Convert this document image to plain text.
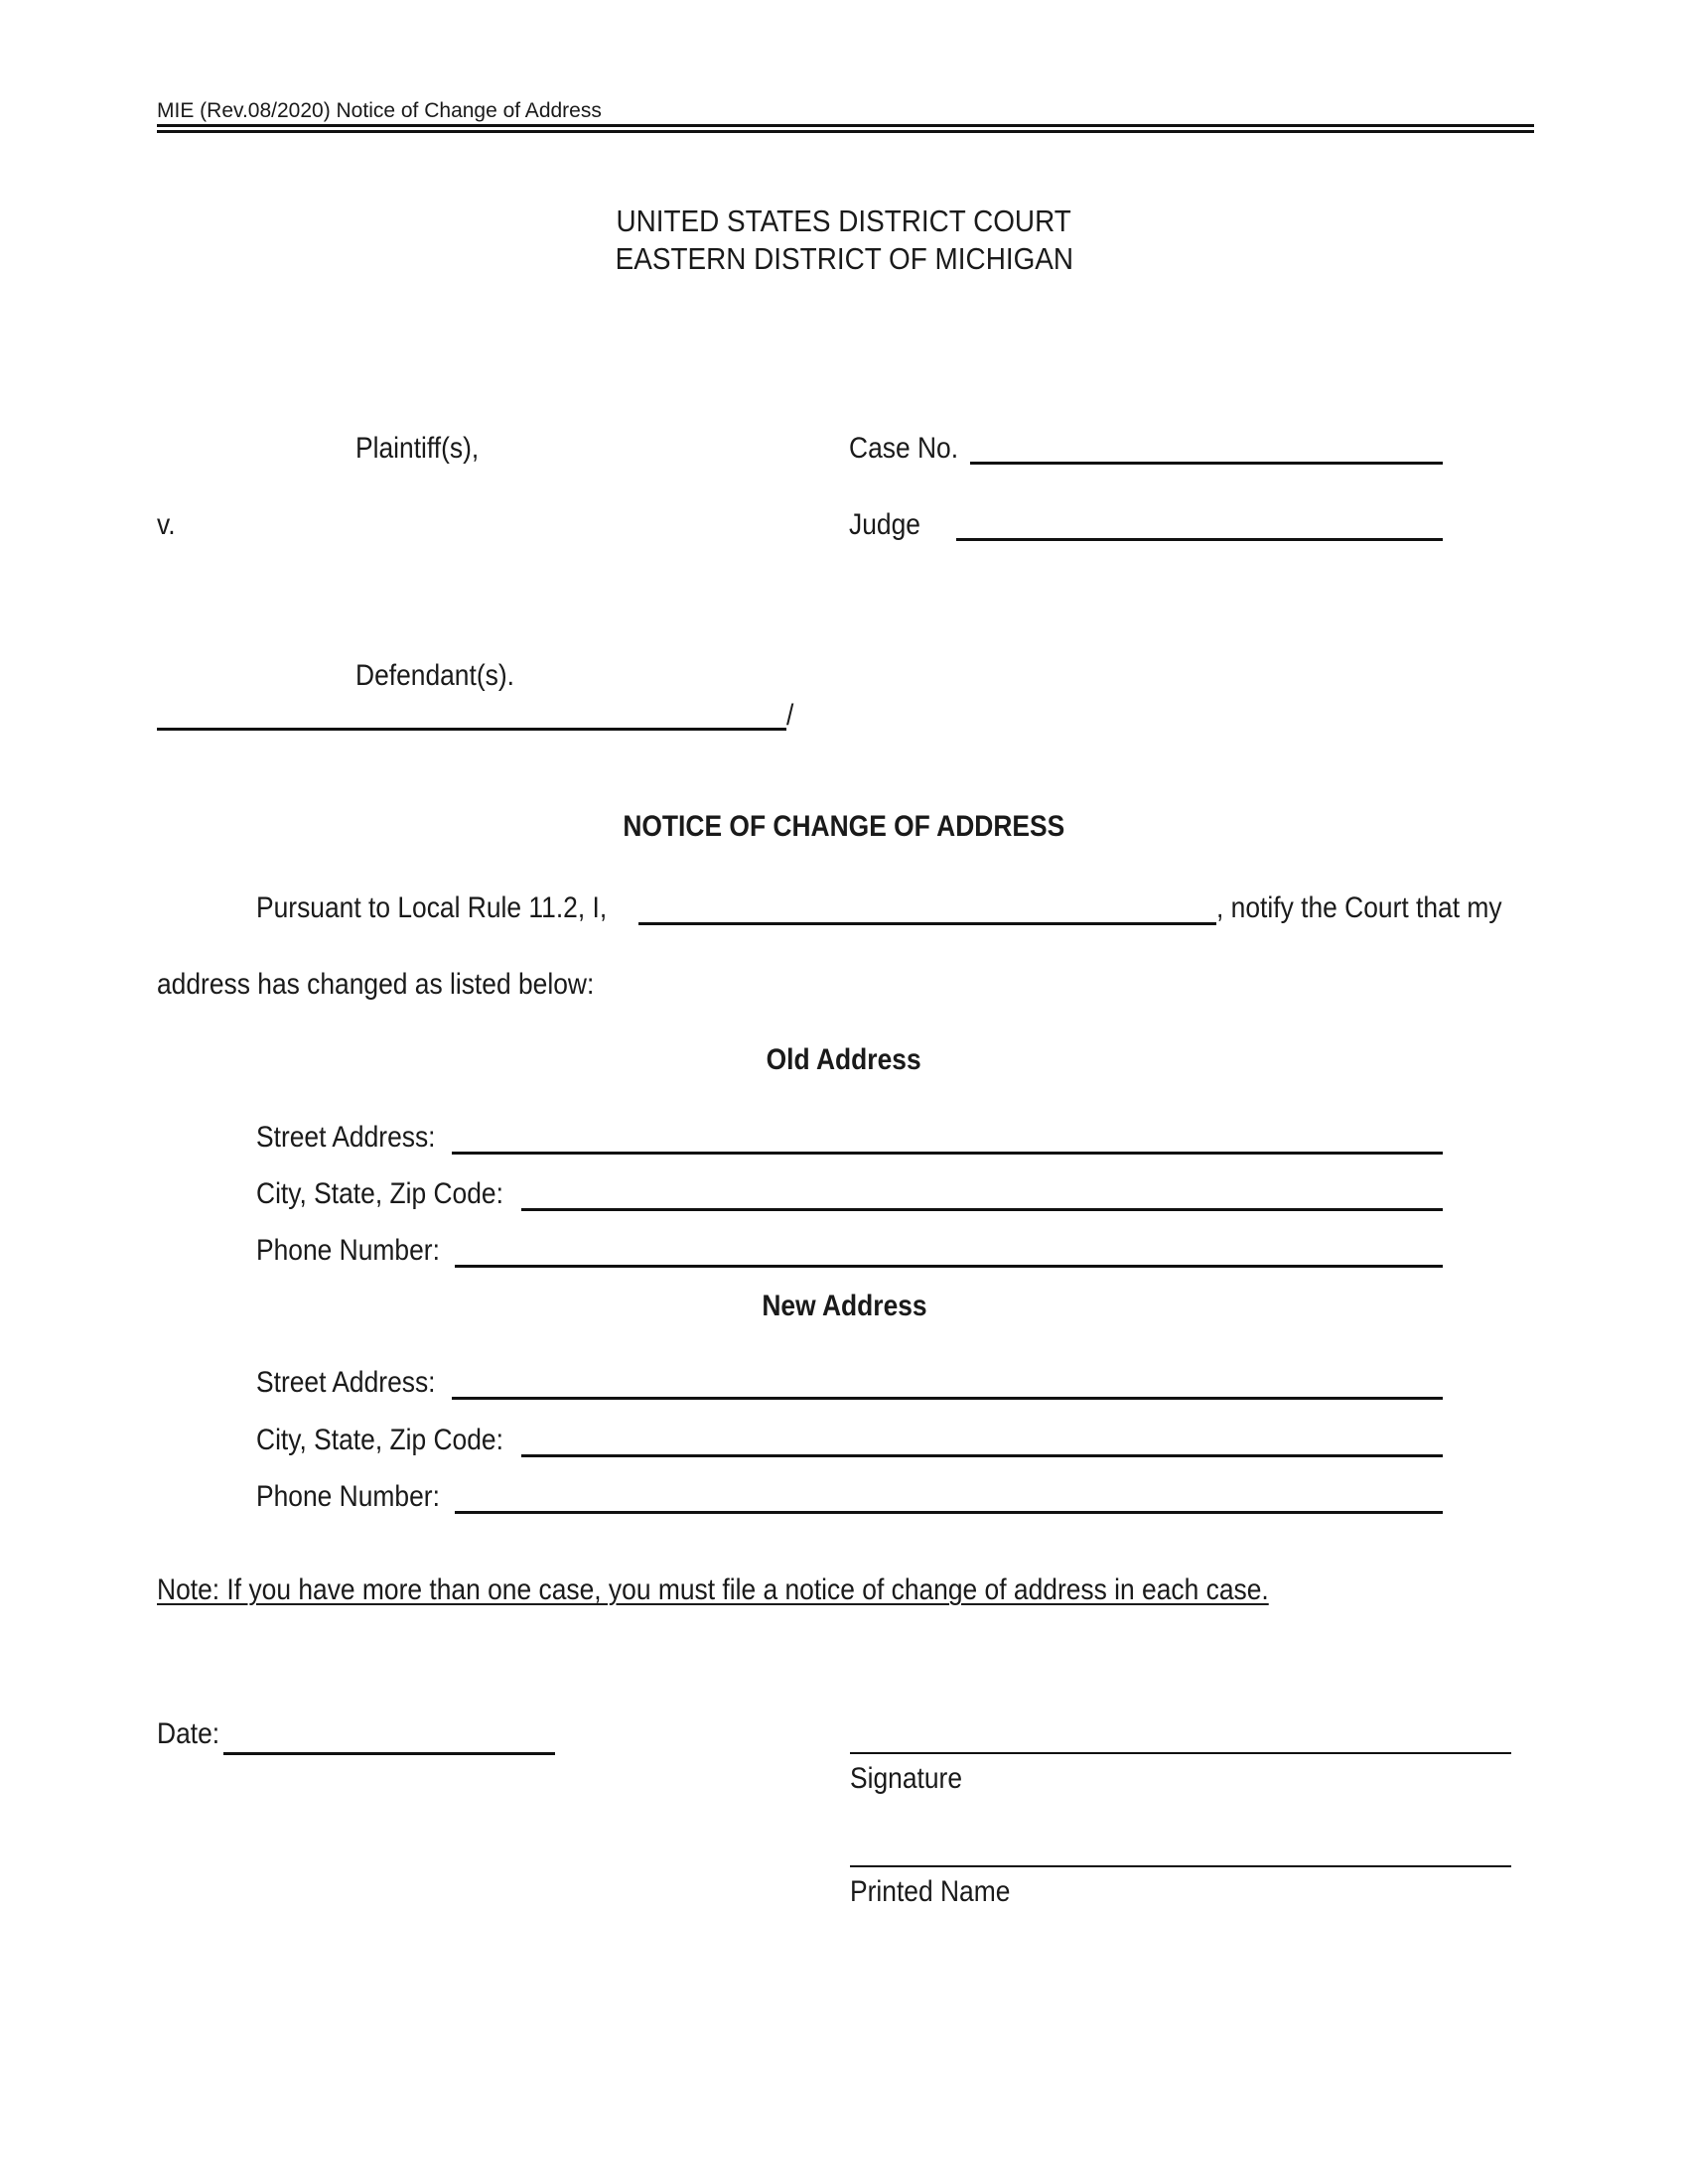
MIE (Rev.08/2020) Notice of Change of Address
UNITED STATES DISTRICT COURT
EASTERN DISTRICT OF MICHIGAN
Plaintiff(s),	Case No.
v.	Judge
Defendant(s).
/
NOTICE OF CHANGE OF ADDRESS
Pursuant to Local Rule 11.2, I,	, notify the Court that my
address has changed as listed below:
Old Address
Street Address:
City, State, Zip Code:
Phone Number:
New Address
Street Address:
City, State, Zip Code:
Phone Number:
Note: If you have more than one case, you must file a notice of change of address in each case.
Date:
Signature
Printed Name
